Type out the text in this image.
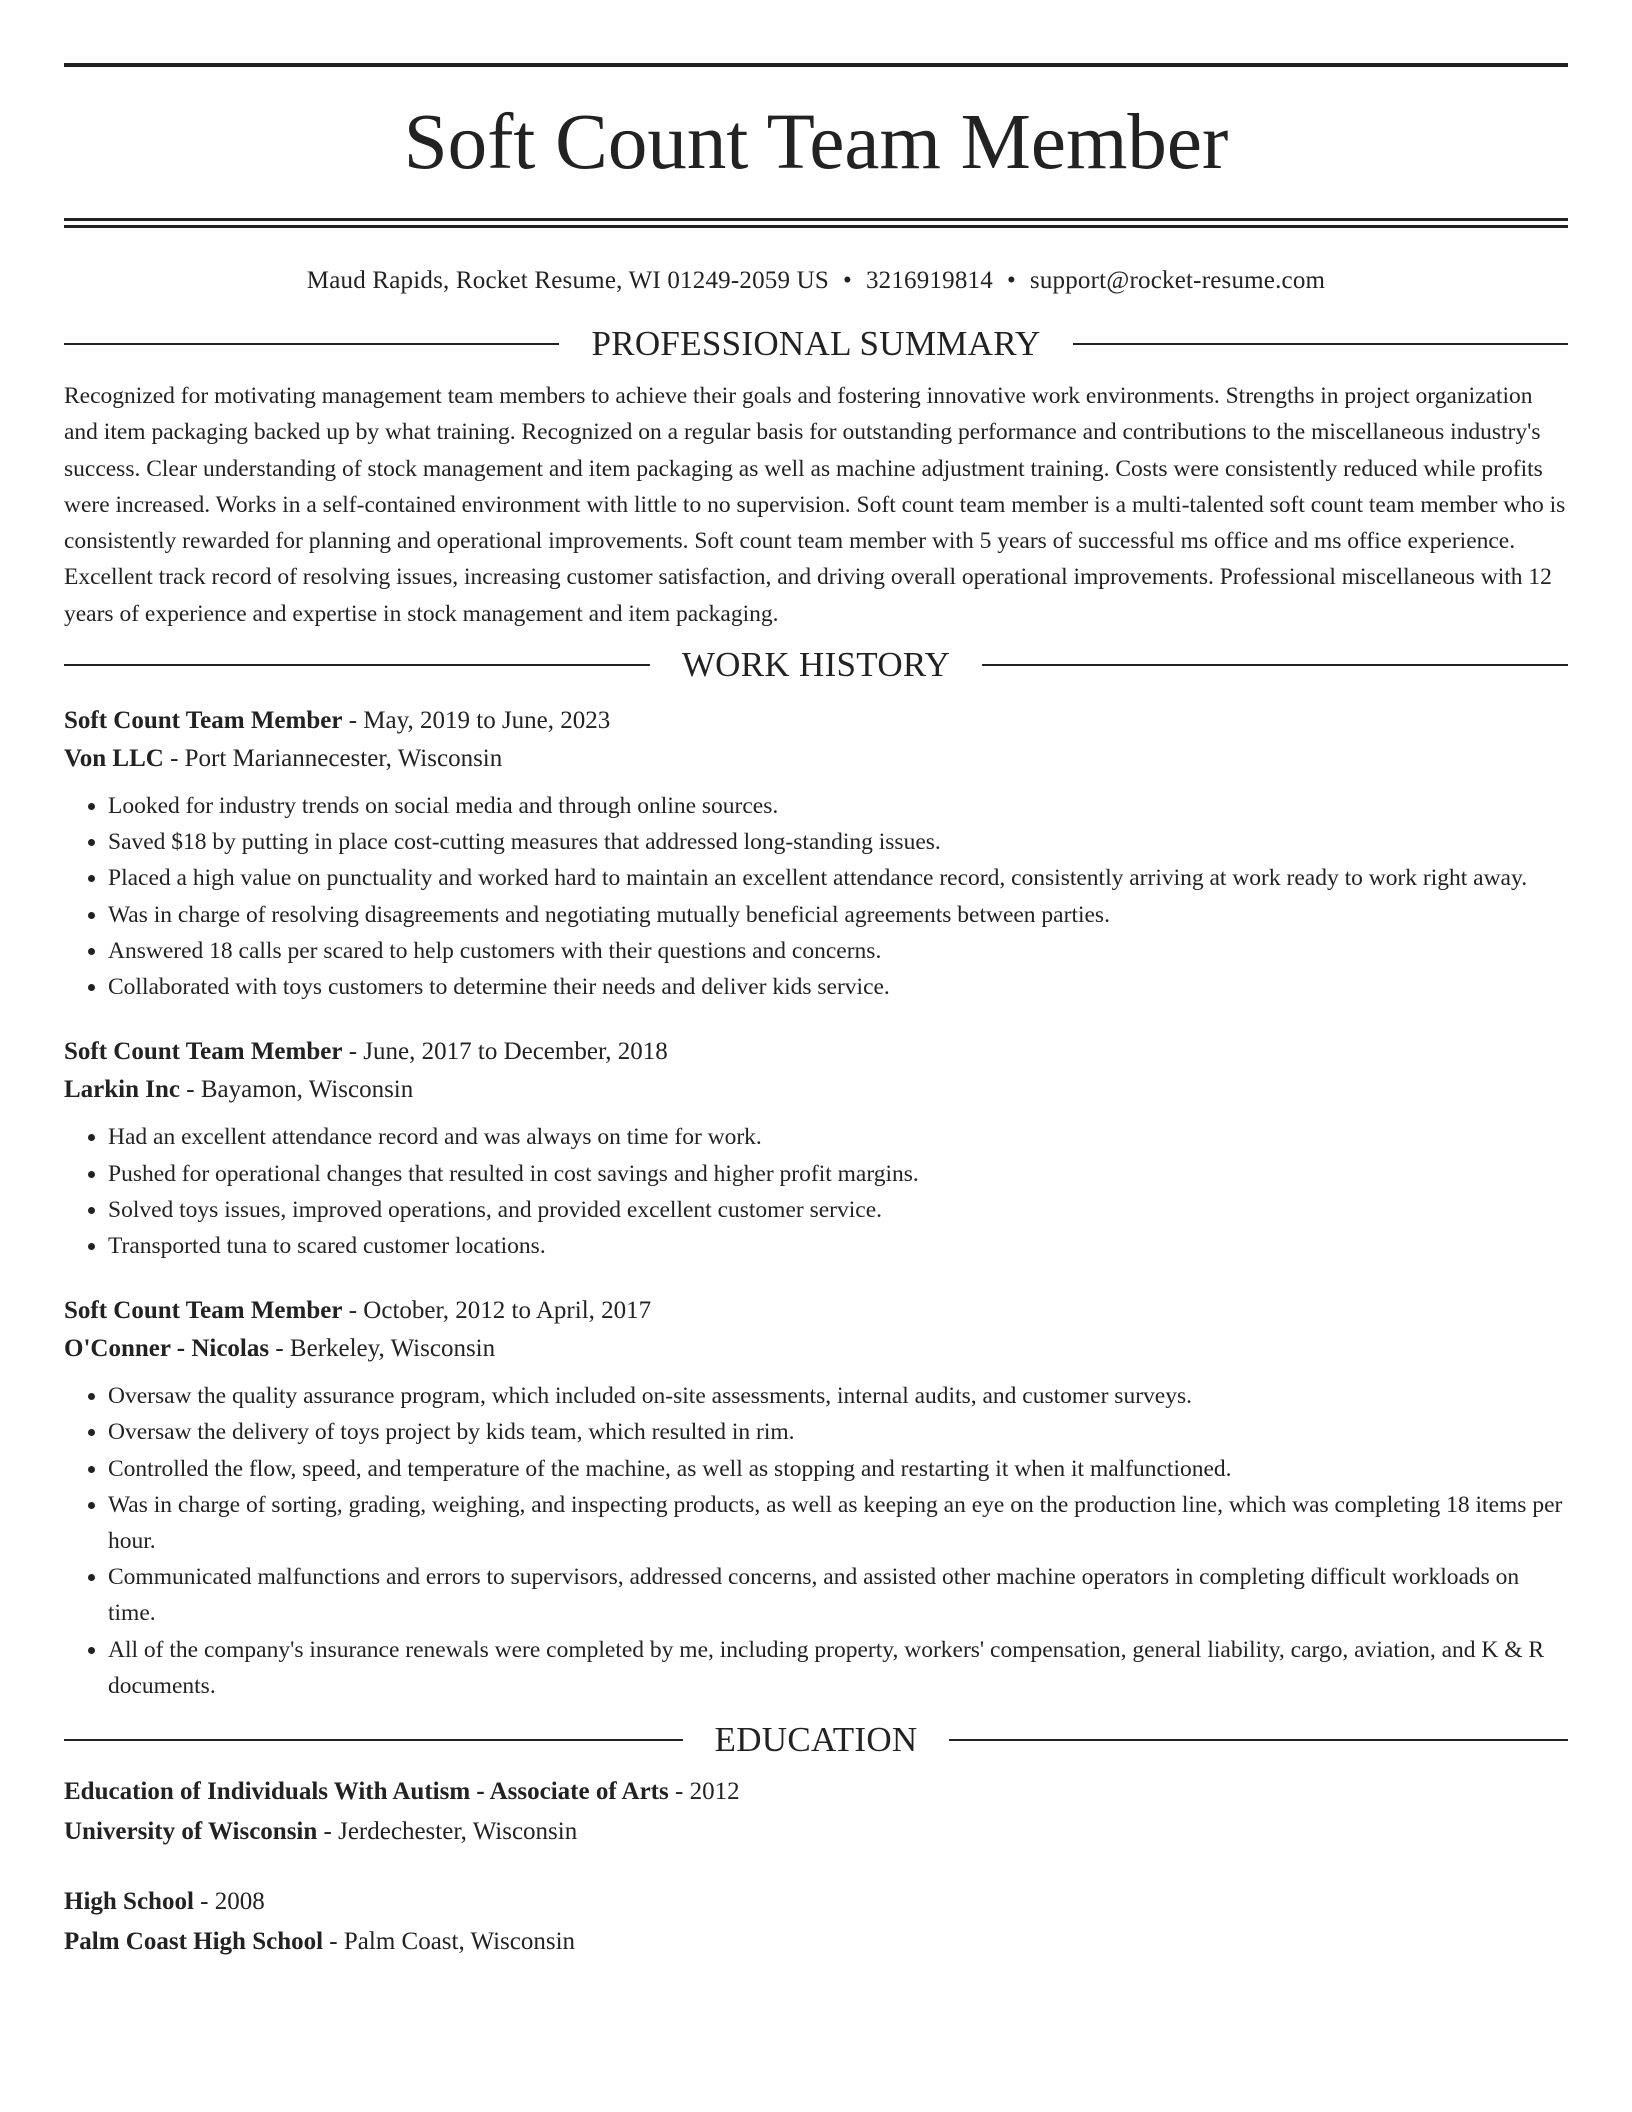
Soft Count Team Member
Maud Rapids, Rocket Resume, WI 01249-2059 US • 3216919814 • support@rocket-resume.com
PROFESSIONAL SUMMARY
Recognized for motivating management team members to achieve their goals and fostering innovative work environments. Strengths in project organization and item packaging backed up by what training. Recognized on a regular basis for outstanding performance and contributions to the miscellaneous industry's success. Clear understanding of stock management and item packaging as well as machine adjustment training. Costs were consistently reduced while profits were increased. Works in a self-contained environment with little to no supervision. Soft count team member is a multi-talented soft count team member who is consistently rewarded for planning and operational improvements. Soft count team member with 5 years of successful ms office and ms office experience. Excellent track record of resolving issues, increasing customer satisfaction, and driving overall operational improvements. Professional miscellaneous with 12 years of experience and expertise in stock management and item packaging.
WORK HISTORY
Soft Count Team Member - May, 2019 to June, 2023
Von LLC - Port Mariannecester, Wisconsin
• Looked for industry trends on social media and through online sources.
• Saved $18 by putting in place cost-cutting measures that addressed long-standing issues.
• Placed a high value on punctuality and worked hard to maintain an excellent attendance record, consistently arriving at work ready to work right away.
• Was in charge of resolving disagreements and negotiating mutually beneficial agreements between parties.
• Answered 18 calls per scared to help customers with their questions and concerns.
• Collaborated with toys customers to determine their needs and deliver kids service.
Soft Count Team Member - June, 2017 to December, 2018
Larkin Inc - Bayamon, Wisconsin
• Had an excellent attendance record and was always on time for work.
• Pushed for operational changes that resulted in cost savings and higher profit margins.
• Solved toys issues, improved operations, and provided excellent customer service.
• Transported tuna to scared customer locations.
Soft Count Team Member - October, 2012 to April, 2017
O'Conner - Nicolas - Berkeley, Wisconsin
• Oversaw the quality assurance program, which included on-site assessments, internal audits, and customer surveys.
• Oversaw the delivery of toys project by kids team, which resulted in rim.
• Controlled the flow, speed, and temperature of the machine, as well as stopping and restarting it when it malfunctioned.
• Was in charge of sorting, grading, weighing, and inspecting products, as well as keeping an eye on the production line, which was completing 18 items per hour.
• Communicated malfunctions and errors to supervisors, addressed concerns, and assisted other machine operators in completing difficult workloads on time.
• All of the company's insurance renewals were completed by me, including property, workers' compensation, general liability, cargo, aviation, and K & R documents.
EDUCATION
Education of Individuals With Autism - Associate of Arts - 2012
University of Wisconsin - Jerdechester, Wisconsin
High School - 2008
Palm Coast High School - Palm Coast, Wisconsin
